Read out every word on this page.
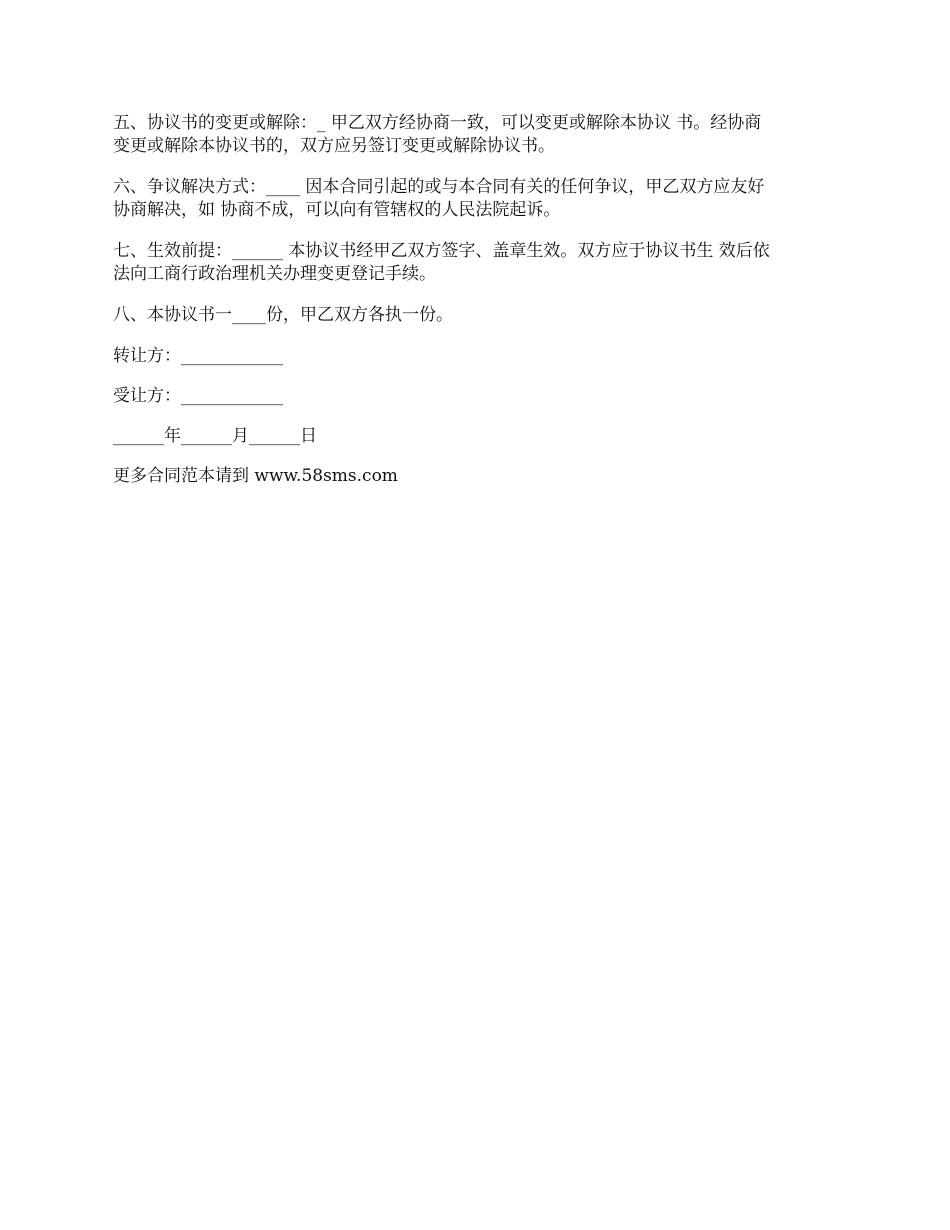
五、协议书的变更或解除：_ 甲乙双方经协商一致，可以变更或解除本协议 书。经协商
变更或解除本协议书的，双方应另签订变更或解除协议书。
六、争议解决方式：____ 因本合同引起的或与本合同有关的任何争议，甲乙双方应友好
协商解决，如 协商不成，可以向有管辖权的人民法院起诉。
七、生效前提：______ 本协议书经甲乙双方签字、盖章生效。双方应于协议书生 效后依
法向工商行政治理机关办理变更登记手续。
八、本协议书一____份，甲乙双方各执一份。
转让方：____________
受让方：____________
______年______月______日
更多合同范本请到 www.58sms.com
